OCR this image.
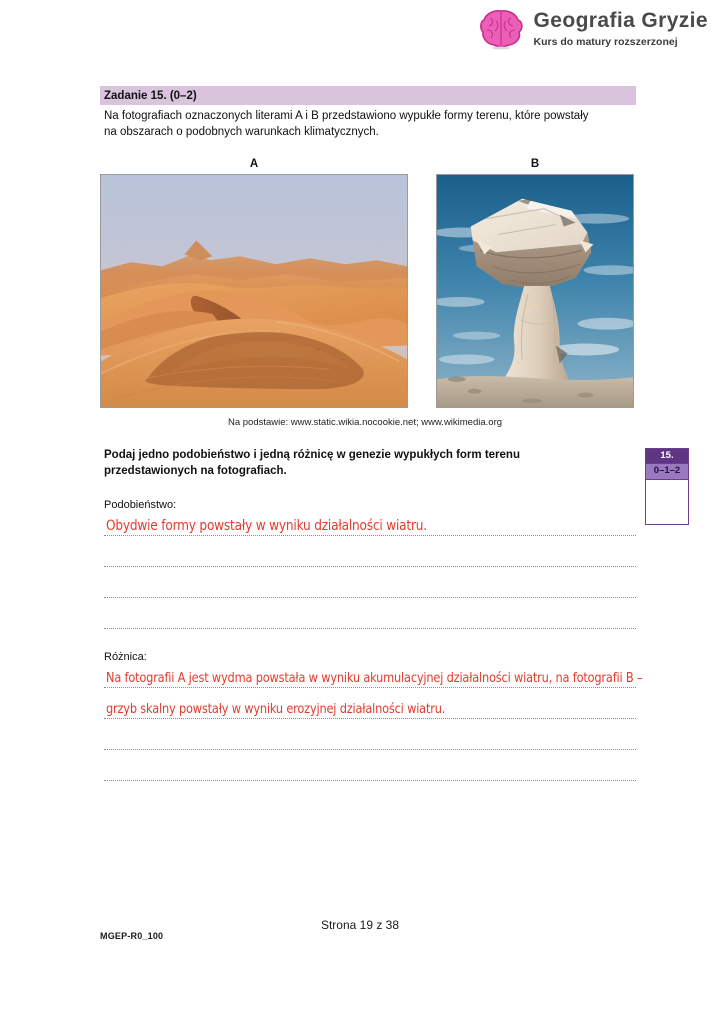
Geografia Gryzie
Kurs do matury rozszerzonej
Zadanie 15. (0–2)
Na fotografiach oznaczonych literami A i B przedstawiono wypukłe formy terenu, które powstały na obszarach o podobnych warunkach klimatycznych.
A	B
Na podstawie: www.static.wikia.nocookie.net; www.wikimedia.org
Podaj jedno podobieństwo i jedną różnicę w genezie wypukłych form terenu przedstawionych na fotografiach.
Podobieństwo:
Obydwie formy powstały w wyniku działalności wiatru.
Różnica:
Na fotografii A jest wydma powstała w wyniku akumulacyjnej działalności wiatru, na fotografii B –
grzyb skalny powstały w wyniku erozyjnej działalności wiatru.
15.
0–1–2
MGEP-R0_100
Strona 19 z 38
